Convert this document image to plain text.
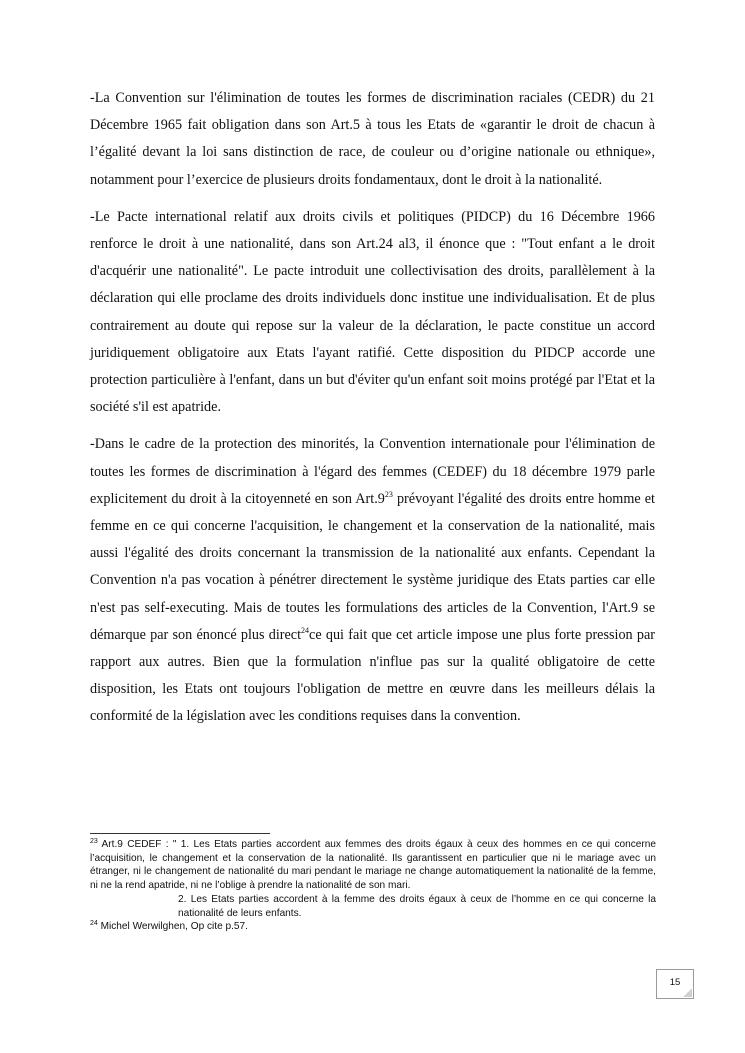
-La Convention sur l'élimination de toutes les formes de discrimination raciales (CEDR) du 21 Décembre 1965 fait obligation dans son Art.5 à tous les Etats de «garantir le droit de chacun à l’égalité devant la loi sans distinction de race, de couleur ou d’origine nationale ou ethnique», notamment pour l’exercice de plusieurs droits fondamentaux, dont le droit à la nationalité.

-Le Pacte international relatif aux droits civils et politiques (PIDCP) du 16 Décembre 1966 renforce le droit à une nationalité, dans son Art.24 al3, il énonce que : "Tout enfant a le droit d'acquérir une nationalité". Le pacte introduit une collectivisation des droits, parallèlement à la déclaration qui elle proclame des droits individuels donc institue une individualisation. Et de plus contrairement au doute qui repose sur la valeur de la déclaration, le pacte constitue un accord juridiquement obligatoire aux Etats l'ayant ratifié. Cette disposition du PIDCP accorde une protection particulière à l'enfant, dans un but d'éviter qu'un enfant soit moins protégé par l'Etat et la société s'il est apatride.

-Dans le cadre de la protection des minorités, la Convention internationale pour l'élimination de toutes les formes de discrimination à l'égard des femmes (CEDEF) du 18 décembre 1979 parle explicitement du droit à la citoyenneté en son $Art.9^{23}$ prévoyant l'égalité des droits entre homme et femme en ce qui concerne l'acquisition, le changement et la conservation de la nationalité, mais aussi l'égalité des droits concernant la transmission de la nationalité aux enfants. Cependant la Convention n'a pas vocation à pénétrer directement le système juridique des Etats parties car elle n'est pas self-executing. Mais de toutes les formulations des articles de la Convention, l'Art.9 se démarque par son énoncé plus direct$^{24}$ce qui fait que cet article impose une plus forte pression par rapport aux autres. Bien que la formulation n'influe pas sur la qualité obligatoire de cette disposition, les Etats ont toujours l'obligation de mettre en œuvre dans les meilleurs délais la conformité de la législation avec les conditions requises dans la convention.

$^{23}$ Art.9 CEDEF : " 1. Les Etats parties accordent aux femmes des droits égaux à ceux des hommes en ce qui concerne l’acquisition, le changement et la conservation de la nationalité. Ils garantissent en particulier que ni le mariage avec un étranger, ni le changement de nationalité du mari pendant le mariage ne change automatiquement la nationalité de la femme, ni ne la rend apatride, ni ne l’oblige à prendre la nationalité de son mari.

2. Les Etats parties accordent à la femme des droits égaux à ceux de l’homme en ce qui concerne la nationalité de leurs enfants.

$^{24}$ Michel Werwilghen, Op cite p.57.

15
